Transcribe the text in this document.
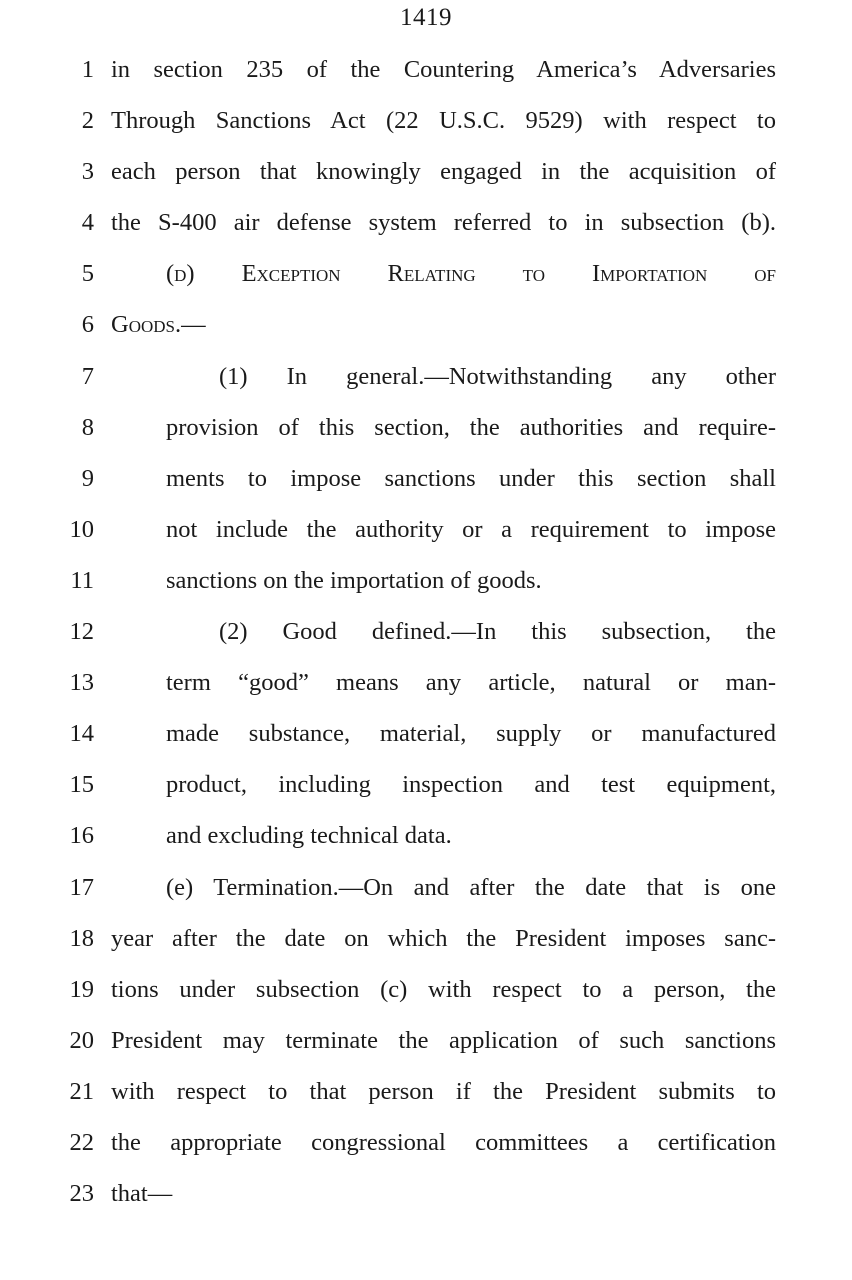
1419
1 in section 235 of the Countering America’s Adversaries
2 Through Sanctions Act (22 U.S.C. 9529) with respect to
3 each person that knowingly engaged in the acquisition of
4 the S-400 air defense system referred to in subsection (b).
5	(d) Exception Relating to Importation of
6 Goods.—
7	(1) In general.—Notwithstanding any other
8	provision of this section, the authorities and require-
9	ments to impose sanctions under this section shall
10	not include the authority or a requirement to impose
11	sanctions on the importation of goods.
12	(2) Good defined.—In this subsection, the
13	term “good” means any article, natural or man-
14	made substance, material, supply or manufactured
15	product, including inspection and test equipment,
16	and excluding technical data.
17	(e) Termination.—On and after the date that is one
18 year after the date on which the President imposes sanc-
19 tions under subsection (c) with respect to a person, the
20 President may terminate the application of such sanctions
21 with respect to that person if the President submits to
22 the appropriate congressional committees a certification
23 that—
